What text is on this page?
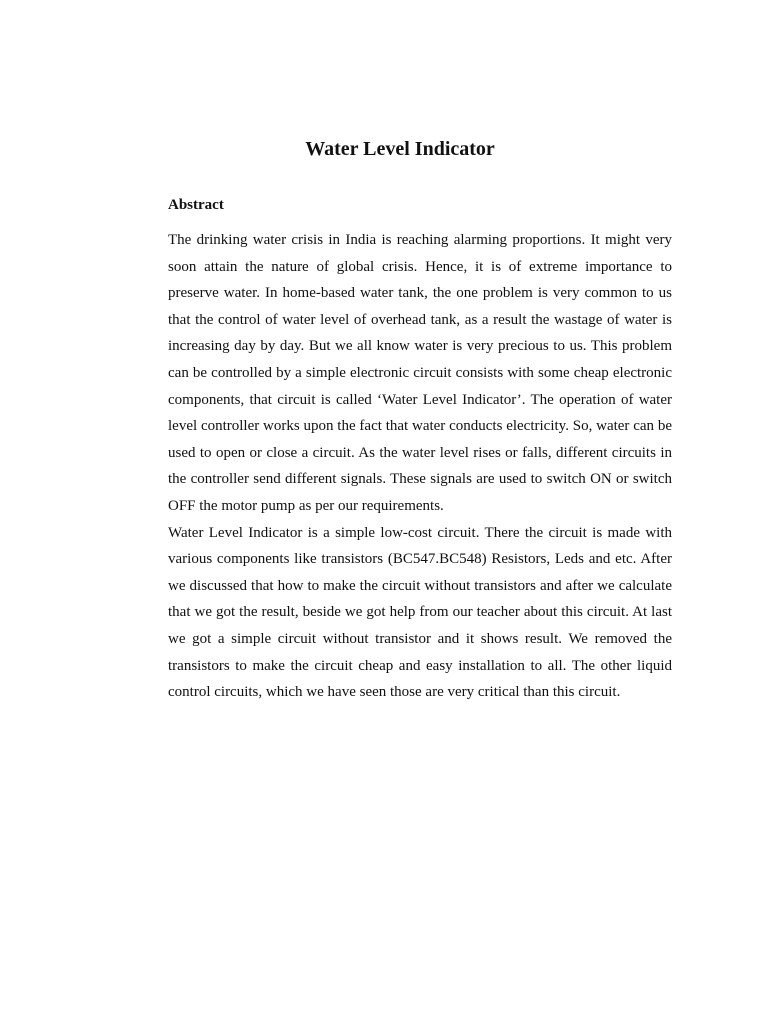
Water Level Indicator
Abstract

The drinking water crisis in India is reaching alarming proportions. It might very soon attain the nature of global crisis. Hence, it is of extreme importance to preserve water. In home-based water tank, the one problem is very common to us that the control of water level of overhead tank, as a result the wastage of water is increasing day by day. But we all know water is very precious to us. This problem can be controlled by a simple electronic circuit consists with some cheap electronic components, that circuit is called ‘Water Level Indicator’. The operation of water level controller works upon the fact that water conducts electricity. So, water can be used to open or close a circuit. As the water level rises or falls, different circuits in the controller send different signals. These signals are used to switch ON or switch OFF the motor pump as per our requirements.

Water Level Indicator is a simple low-cost circuit. There the circuit is made with various components like transistors (BC547.BC548) Resistors, Leds and etc. After we discussed that how to make the circuit without transistors and after we calculate that we got the result, beside we got help from our teacher about this circuit. At last we got a simple circuit without transistor and it shows result. We removed the transistors to make the circuit cheap and easy installation to all. The other liquid control circuits, which we have seen those are very critical than this circuit.
